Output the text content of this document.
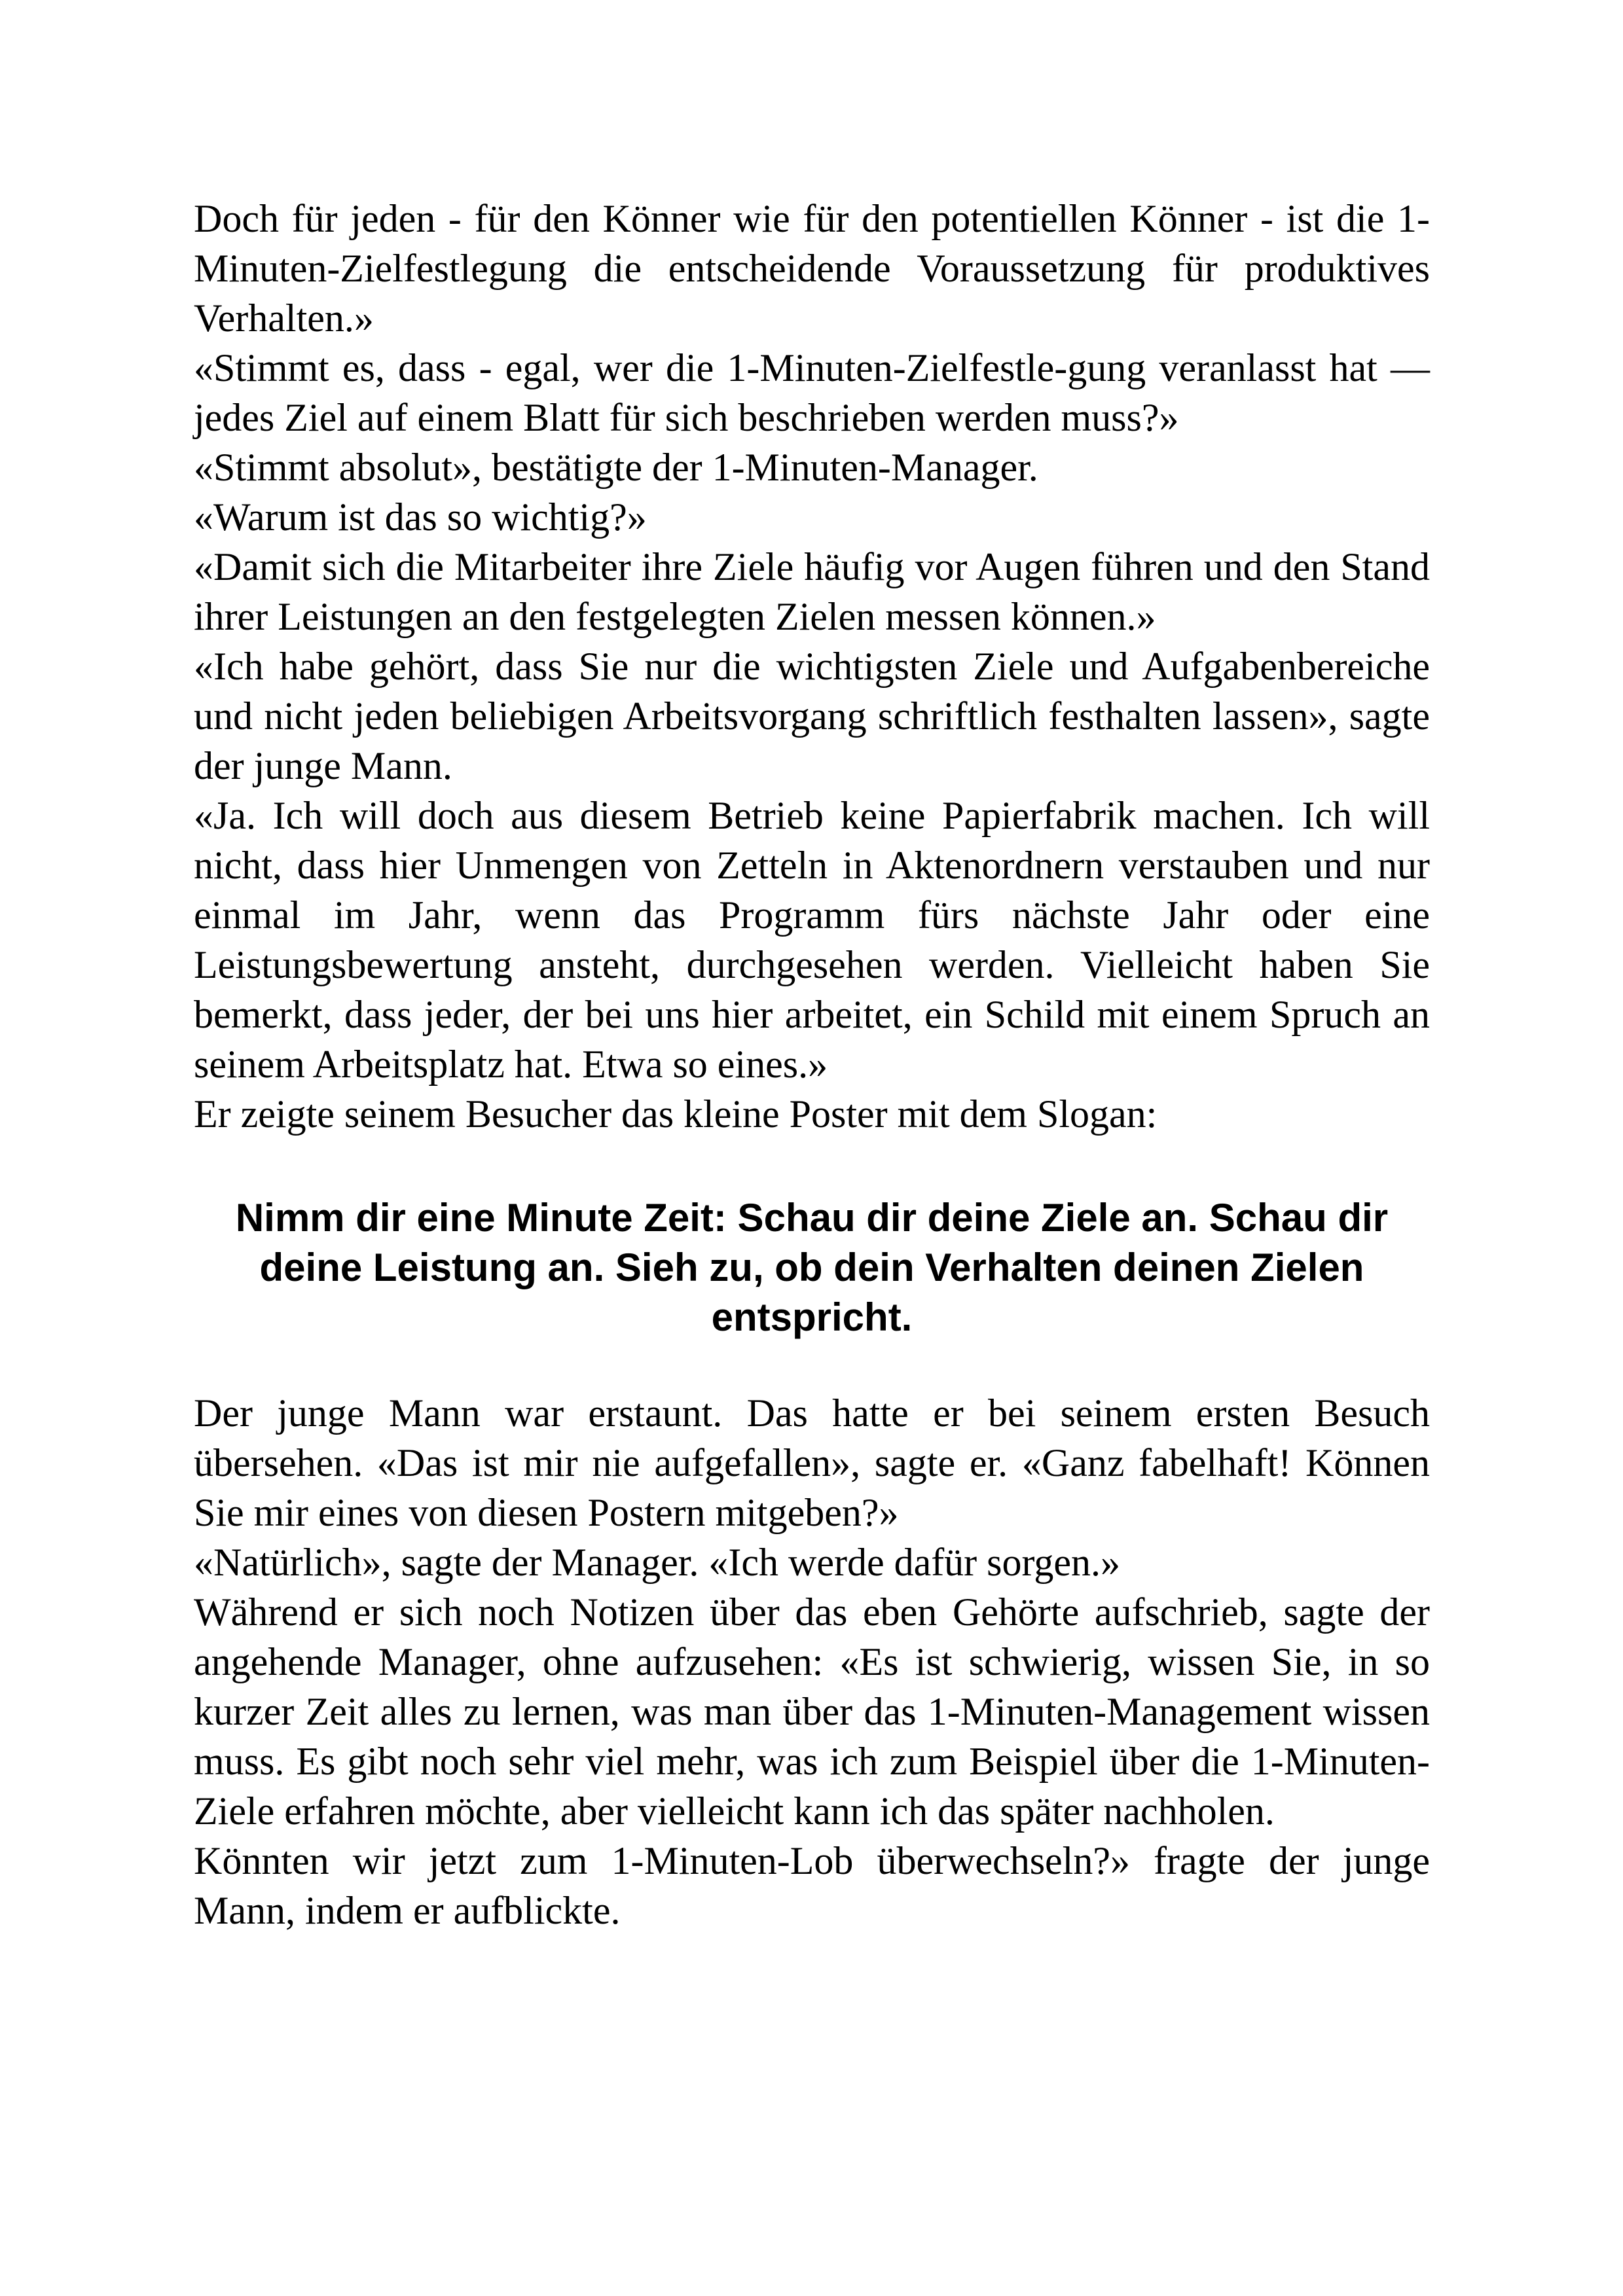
Doch für jeden - für den Könner wie für den potentiellen Könner - ist die 1-Minuten-Zielfestlegung die entscheidende Voraussetzung für produktives Verhalten.»

«Stimmt es, dass - egal, wer die 1-Minuten-Zielfestle-gung veranlasst hat — jedes Ziel auf einem Blatt für sich beschrieben werden muss?»

«Stimmt absolut», bestätigte der 1-Minuten-Manager.

«Warum ist das so wichtig?»

«Damit sich die Mitarbeiter ihre Ziele häufig vor Augen führen und den Stand ihrer Leistungen an den festgelegten Zielen messen können.»

«Ich habe gehört, dass Sie nur die wichtigsten Ziele und Aufgabenbereiche und nicht jeden beliebigen Arbeitsvorgang schriftlich festhalten lassen», sagte der junge Mann.

«Ja. Ich will doch aus diesem Betrieb keine Papierfabrik machen. Ich will nicht, dass hier Unmengen von Zetteln in Aktenordnern verstauben und nur einmal im Jahr, wenn das Programm fürs nächste Jahr oder eine Leistungsbewertung ansteht, durchgesehen werden. Vielleicht haben Sie bemerkt, dass jeder, der bei uns hier arbeitet, ein Schild mit einem Spruch an seinem Arbeitsplatz hat. Etwa so eines.»

Er zeigte seinem Besucher das kleine Poster mit dem Slogan:

Nimm dir eine Minute Zeit: Schau dir deine Ziele an. Schau dir deine Leistung an. Sieh zu, ob dein Verhalten deinen Zielen entspricht.

Der junge Mann war erstaunt. Das hatte er bei seinem ersten Besuch übersehen. «Das ist mir nie aufgefallen», sagte er. «Ganz fabelhaft! Können Sie mir eines von diesen Postern mitgeben?»

«Natürlich», sagte der Manager. «Ich werde dafür sorgen.»

Während er sich noch Notizen über das eben Gehörte aufschrieb, sagte der angehende Manager, ohne aufzusehen: «Es ist schwierig, wissen Sie, in so kurzer Zeit alles zu lernen, was man über das 1-Minuten-Management wissen muss. Es gibt noch sehr viel mehr, was ich zum Beispiel über die 1-Minuten-Ziele erfahren möchte, aber vielleicht kann ich das später nachholen.

Könnten wir jetzt zum 1-Minuten-Lob überwechseln?» fragte der junge Mann, indem er aufblickte.
